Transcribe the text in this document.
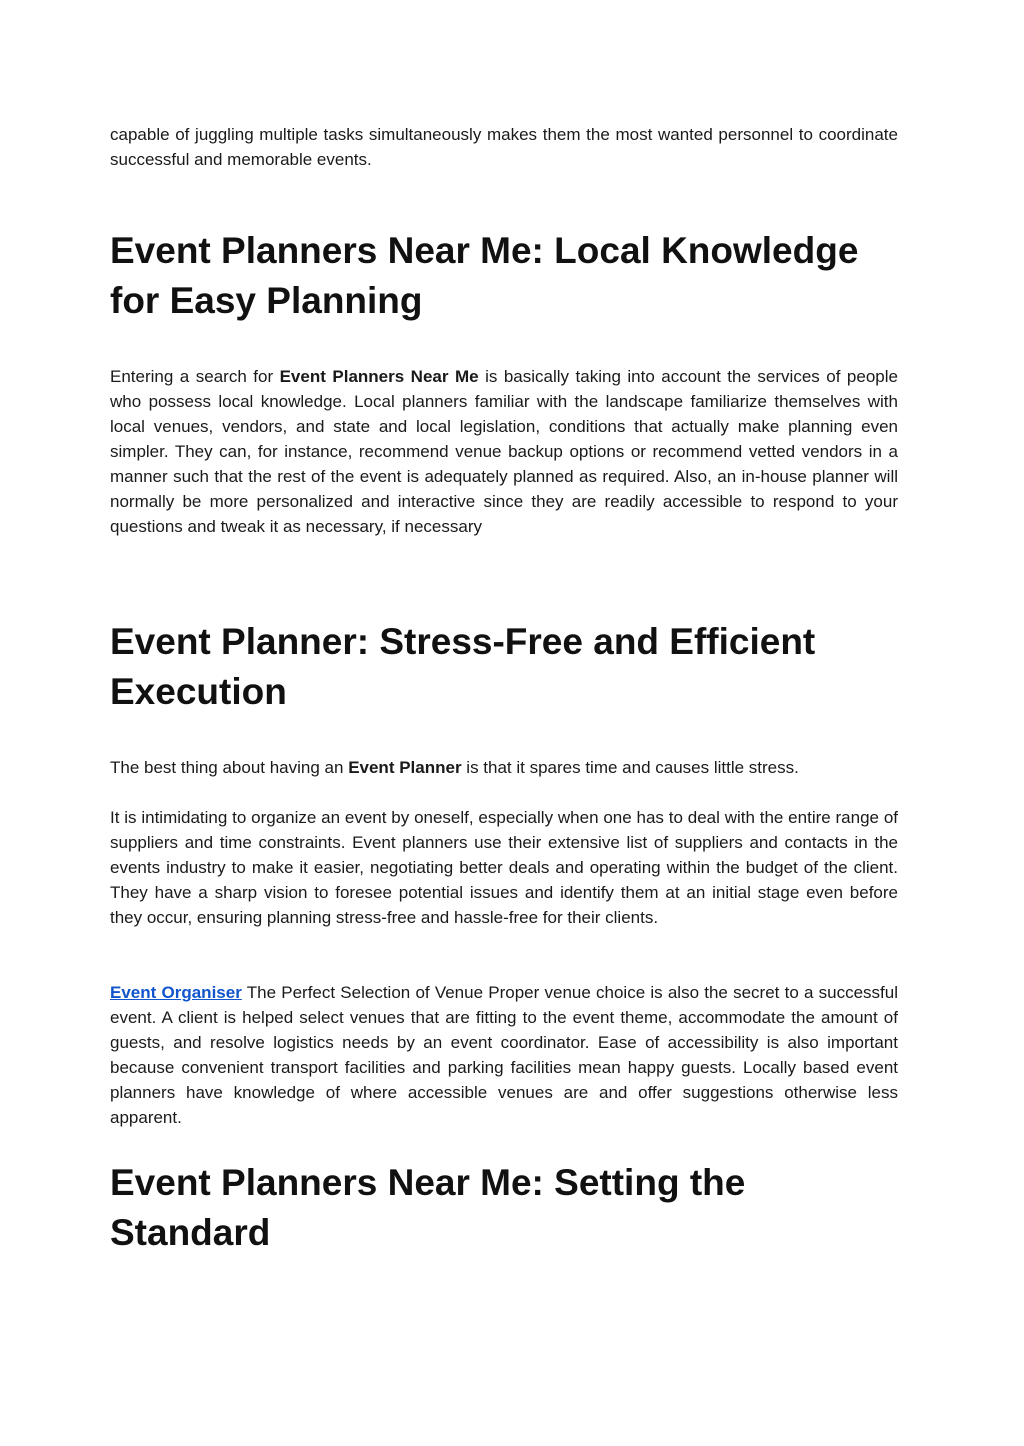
capable of juggling multiple tasks simultaneously makes them the most wanted personnel to coordinate successful and memorable events.

Event Planners Near Me: Local Knowledge for Easy Planning

Entering a search for Event Planners Near Me is basically taking into account the services of people who possess local knowledge. Local planners familiar with the landscape familiarize themselves with local venues, vendors, and state and local legislation, conditions that actually make planning even simpler. They can, for instance, recommend venue backup options or recommend vetted vendors in a manner such that the rest of the event is adequately planned as required. Also, an in-house planner will normally be more personalized and interactive since they are readily accessible to respond to your questions and tweak it as necessary, if necessary

Event Planner: Stress-Free and Efficient Execution

The best thing about having an Event Planner is that it spares time and causes little stress.

It is intimidating to organize an event by oneself, especially when one has to deal with the entire range of suppliers and time constraints. Event planners use their extensive list of suppliers and contacts in the events industry to make it easier, negotiating better deals and operating within the budget of the client. They have a sharp vision to foresee potential issues and identify them at an initial stage even before they occur, ensuring planning stress-free and hassle-free for their clients.

Event Organiser The Perfect Selection of Venue Proper venue choice is also the secret to a successful event. A client is helped select venues that are fitting to the event theme, accommodate the amount of guests, and resolve logistics needs by an event coordinator. Ease of accessibility is also important because convenient transport facilities and parking facilities mean happy guests. Locally based event planners have knowledge of where accessible venues are and offer suggestions otherwise less apparent.

Event Planners Near Me: Setting the Standard
